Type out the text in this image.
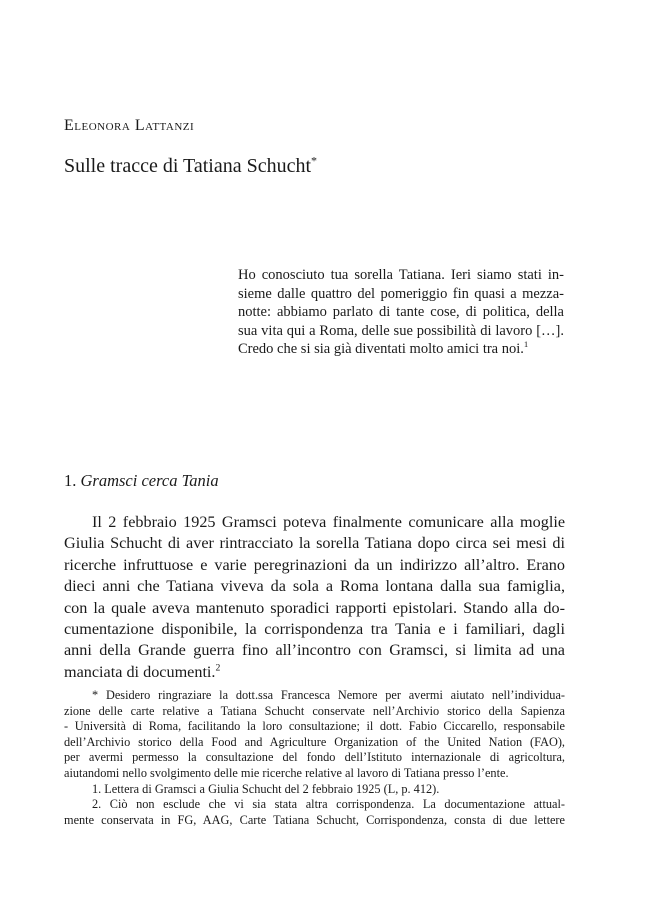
Eleonora Lattanzi
Sulle tracce di Tatiana Schucht*
Ho conosciuto tua sorella Tatiana. Ieri siamo stati in-
sieme dalle quattro del pomeriggio fin quasi a mezza-
notte: abbiamo parlato di tante cose, di politica, della
sua vita qui a Roma, delle sue possibilità di lavoro […].
Credo che si sia già diventati molto amici tra noi.$^1$
1. Gramsci cerca Tania
Il 2 febbraio 1925 Gramsci poteva finalmente comunicare alla moglie
Giulia Schucht di aver rintracciato la sorella Tatiana dopo circa sei mesi di
ricerche infruttuose e varie peregrinazioni da un indirizzo all’altro. Erano
dieci anni che Tatiana viveva da sola a Roma lontana dalla sua famiglia,
con la quale aveva mantenuto sporadici rapporti epistolari. Stando alla do-
cumentazione disponibile, la corrispondenza tra Tania e i familiari, dagli
anni della Grande guerra fino all’incontro con Gramsci, si limita ad una
manciata di documenti.$^2$
* Desidero ringraziare la dott.ssa Francesca Nemore per avermi aiutato nell’individua-
zione delle carte relative a Tatiana Schucht conservate nell’Archivio storico della Sapienza
- Università di Roma, facilitando la loro consultazione; il dott. Fabio Ciccarello, responsabile
dell’Archivio storico della Food and Agriculture Organization of the United Nation (FAO),
per avermi permesso la consultazione del fondo dell’Istituto internazionale di agricoltura,
aiutandomi nello svolgimento delle mie ricerche relative al lavoro di Tatiana presso l’ente.
1. Lettera di Gramsci a Giulia Schucht del 2 febbraio 1925 (L, p. 412).
2. Ciò non esclude che vi sia stata altra corrispondenza. La documentazione attual-
mente conservata in FG, AAG, Carte Tatiana Schucht, Corrispondenza, consta di due lettere
